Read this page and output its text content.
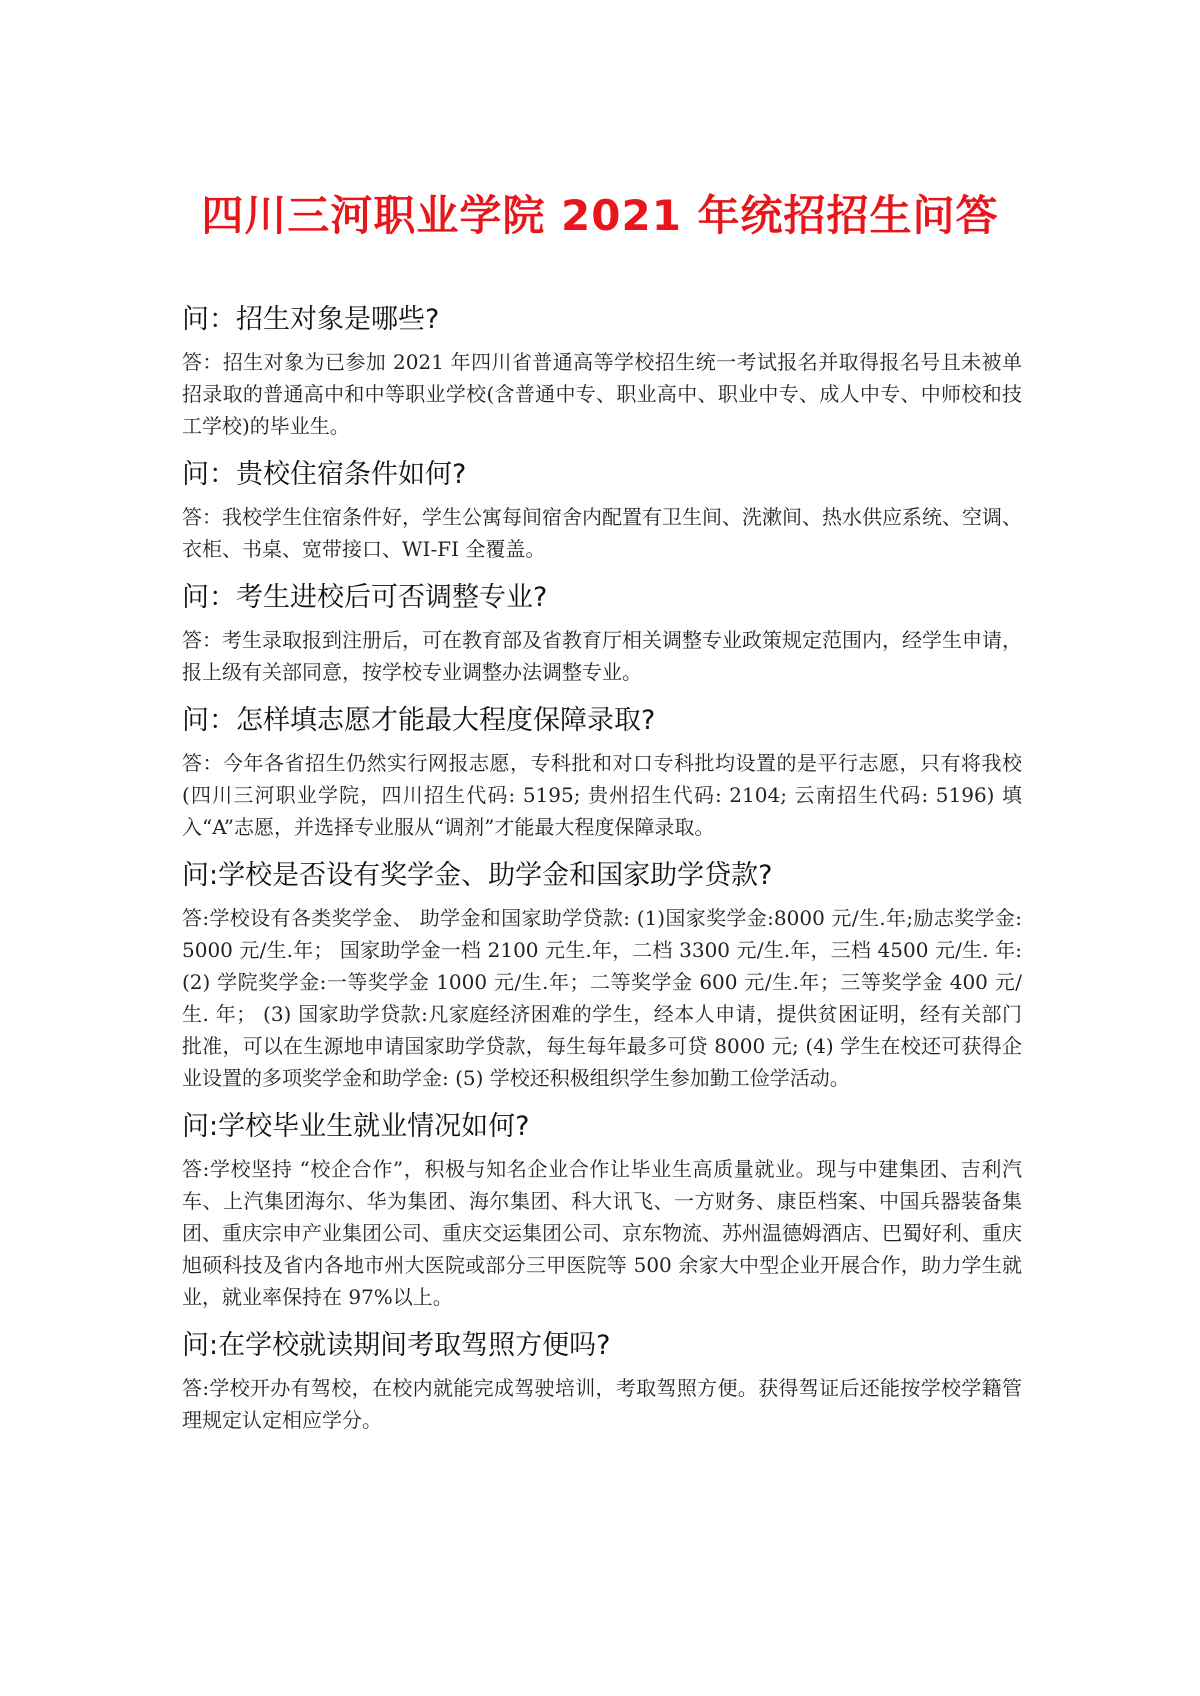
四川三河职业学院 2021 年统招招生问答
问：招生对象是哪些?

答：招生对象为已参加 2021 年四川省普通高等学校招生统一考试报名并取得报名号且未被单招录取的普通高中和中等职业学校(含普通中专、职业高中、职业中专、成人中专、中师校和技工学校)的毕业生。

问：贵校住宿条件如何?

答：我校学生住宿条件好，学生公寓每间宿舍内配置有卫生间、洗漱间、热水供应系统、空调、衣柜、书桌、宽带接口、WI-FI 全覆盖。

问：考生进校后可否调整专业?

答：考生录取报到注册后，可在教育部及省教育厅相关调整专业政策规定范围内，经学生申请，报上级有关部同意，按学校专业调整办法调整专业。

问：怎样填志愿才能最大程度保障录取?

答：今年各省招生仍然实行网报志愿，专科批和对口专科批均设置的是平行志愿，只有将我校(四川三河职业学院，四川招生代码: 5195; 贵州招生代码: 2104; 云南招生代码: 5196) 填入“A”志愿，并选择专业服从“调剂”才能最大程度保障录取。

问:学校是否设有奖学金、助学金和国家助学贷款?

答:学校设有各类奖学金、 助学金和国家助学贷款: (1)国家奖学金:8000 元/生.年;励志奖学金: 5000 元/生.年； 国家助学金一档 2100 元生.年，二档 3300 元/生.年，三档 4500 元/生. 年: (2) 学院奖学金:一等奖学金 1000 元/生.年；二等奖学金 600 元/生.年；三等奖学金 400 元/生. 年； (3) 国家助学贷款:凡家庭经济困难的学生，经本人申请，提供贫困证明，经有关部门批准，可以在生源地申请国家助学贷款，每生每年最多可贷 8000 元; (4) 学生在校还可获得企业设置的多项奖学金和助学金: (5) 学校还积极组织学生参加勤工俭学活动。

问:学校毕业生就业情况如何?

答:学校坚持 “校企合作”，积极与知名企业合作让毕业生高质量就业。现与中建集团、吉利汽车、上汽集团海尔、华为集团、海尔集团、科大讯飞、一方财务、康臣档案、中国兵器装备集团、重庆宗申产业集团公司、重庆交运集团公司、京东物流、苏州温德姆酒店、巴蜀好利、重庆旭硕科技及省内各地市州大医院或部分三甲医院等 500 余家大中型企业开展合作，助力学生就业，就业率保持在 97%以上。

问:在学校就读期间考取驾照方便吗?

答:学校开办有驾校，在校内就能完成驾驶培训，考取驾照方便。获得驾证后还能按学校学籍管理规定认定相应学分。
